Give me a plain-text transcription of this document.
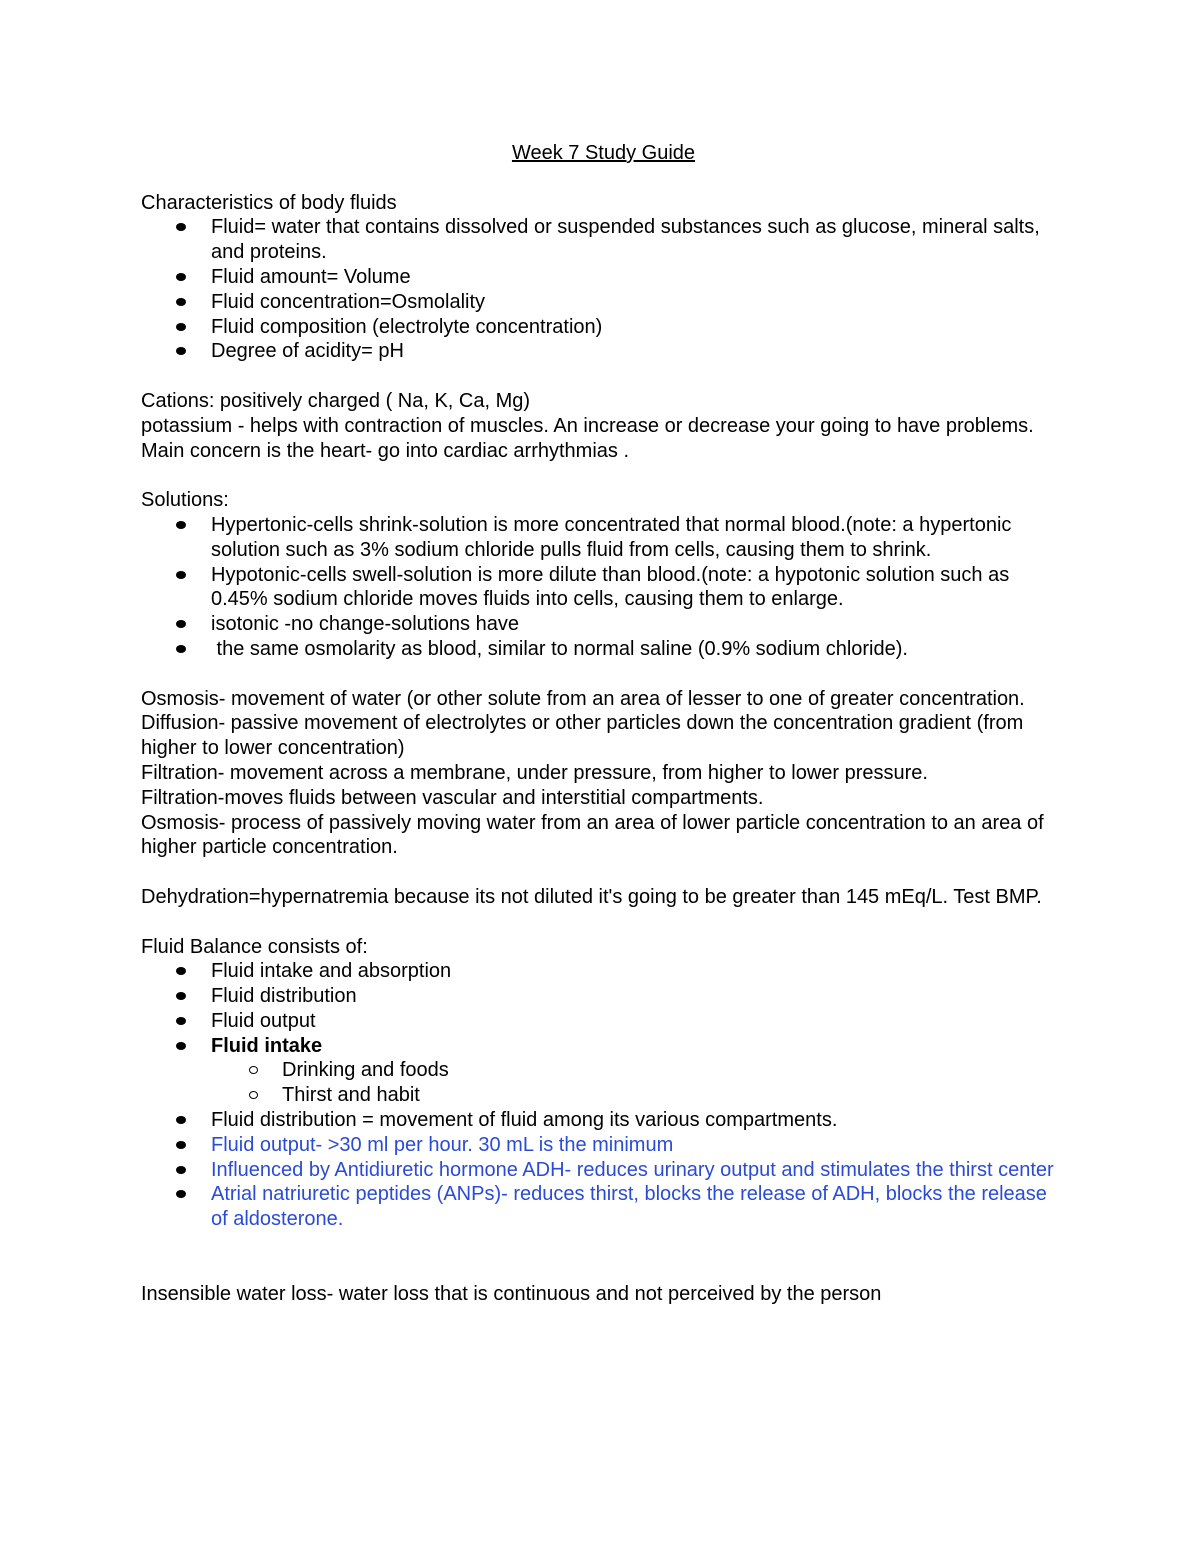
Week 7 Study Guide

Characteristics of body fluids

Fluid= water that contains dissolved or suspended substances such as glucose, mineral salts, and proteins.
Fluid amount= Volume
Fluid concentration=Osmolality
Fluid composition (electrolyte concentration)
Degree of acidity= pH

Cations: positively charged ( Na, K, Ca, Mg)

potassium - helps with contraction of muscles. An increase or decrease your going to have problems. Main concern is the heart- go into cardiac arrhythmias .

Solutions:

Hypertonic-cells shrink-solution is more concentrated that normal blood.(note: a hypertonic solution such as 3% sodium chloride pulls fluid from cells, causing them to shrink.
Hypotonic-cells swell-solution is more dilute than blood.(note: a hypotonic solution such as 0.45% sodium chloride moves fluids into cells, causing them to enlarge.
isotonic -no change-solutions have
the same osmolarity as blood, similar to normal saline (0.9% sodium chloride).

Osmosis- movement of water (or other solute from an area of lesser to one of greater concentration.

Diffusion- passive movement of electrolytes or other particles down the concentration gradient (from higher to lower concentration)

Filtration- movement across a membrane, under pressure, from higher to lower pressure.

Filtration-moves fluids between vascular and interstitial compartments.

Osmosis- process of passively moving water from an area of lower particle concentration to an area of higher particle concentration.

Dehydration=hypernatremia because its not diluted it's going to be greater than 145 mEq/L. Test BMP.

Fluid Balance consists of:

Fluid intake and absorption
Fluid distribution
Fluid output
Fluid intake
Drinking and foods
Thirst and habit
Fluid distribution = movement of fluid among its various compartments.
Fluid output- >30 ml per hour. 30 mL is the minimum
Influenced by Antidiuretic hormone ADH- reduces urinary output and stimulates the thirst center
Atrial natriuretic peptides (ANPs)- reduces thirst, blocks the release of ADH, blocks the release of aldosterone.

Insensible water loss- water loss that is continuous and not perceived by the person
